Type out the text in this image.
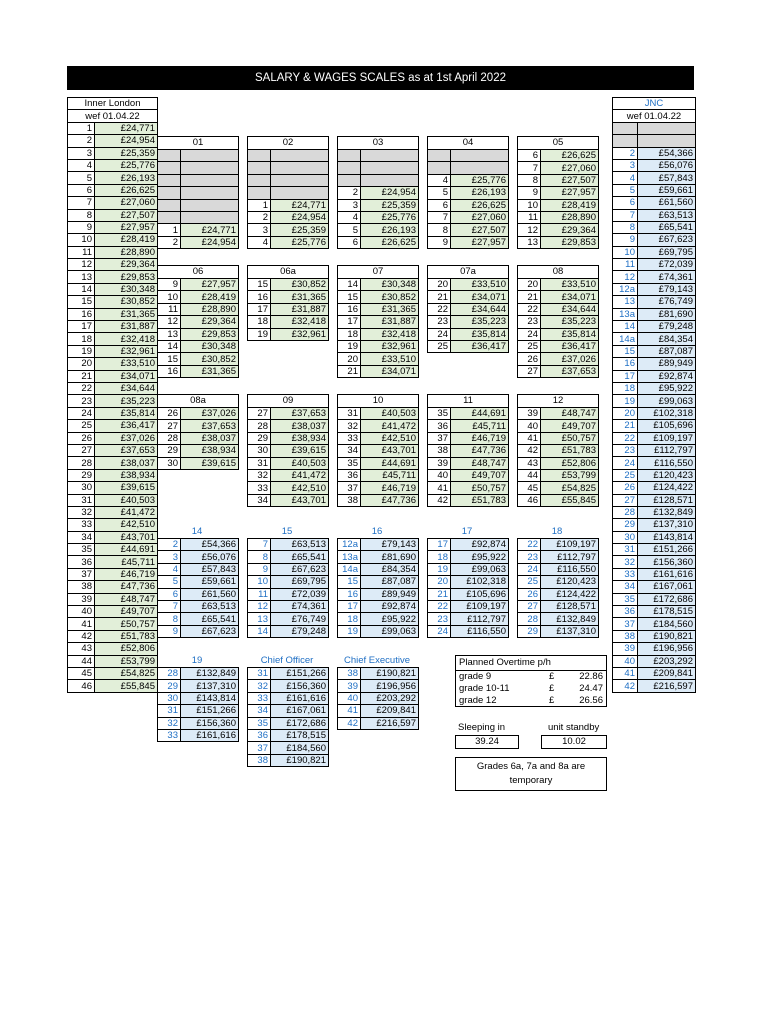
SALARY & WAGES SCALES as at 1st April 2022
Inner London	
wef 01.04.22	
1	£24,771
2	£24,954
3	£25,359
4	£25,776
5	£26,193
6	£26,625
7	£27,060
8	£27,507
9	£27,957
10	£28,419
11	£28,890
12	£29,364
13	£29,853
14	£30,348
15	£30,852
16	£31,365
17	£31,887
18	£32,418
19	£32,961
20	£33,510
21	£34,071
22	£34,644
23	£35,223
24	£35,814
25	£36,417
26	£37,026
27	£37,653
28	£38,037
29	£38,934
30	£39,615
31	£40,503
32	£41,472
33	£42,510
34	£43,701
35	£44,691
36	£45,711
37	£46,719
38	£47,736
39	£48,747
40	£49,707
41	£50,757
42	£51,783
43	£52,806
44	£53,799
45	£54,825
46	£55,845
JNC	
wef 01.04.22	

2	£54,366
3	£56,076
4	£57,843
5	£59,661
6	£61,560
7	£63,513
8	£65,541
9	£67,623
10	£69,795
11	£72,039
12	£74,361
12a	£79,143
13	£76,749
13a	£81,690
14	£79,248
14a	£84,354
15	£87,087
16	£89,949
17	£92,874
18	£95,922
19	£99,063
20	£102,318
21	£105,696
22	£109,197
23	£112,797
24	£116,550
25	£120,423
26	£124,422
27	£128,571
28	£132,849
29	£137,310
30	£143,814
31	£151,266
32	£156,360
33	£161,616
34	£167,061
35	£172,686
36	£178,515
37	£184,560
38	£190,821
39	£196,956
40	£203,292
41	£209,841
42	£216,597
01

1	£24,771
2	£24,954
02

1	£24,771
2	£24,954
3	£25,359
4	£25,776
03

2	£24,954
3	£25,359
4	£25,776
5	£26,193
6	£26,625
04

4	£25,776
5	£26,193
6	£26,625
7	£27,060
8	£27,507
9	£27,957
05
6	£26,625
7	£27,060
8	£27,507
9	£27,957
10	£28,419
11	£28,890
12	£29,364
13	£29,853
06
9	£27,957
10	£28,419
11	£28,890
12	£29,364
13	£29,853
14	£30,348
15	£30,852
16	£31,365
06a
15	£30,852
16	£31,365
17	£31,887
18	£32,418
19	£32,961
07
14	£30,348
15	£30,852
16	£31,365
17	£31,887
18	£32,418
19	£32,961
20	£33,510
21	£34,071
07a
20	£33,510
21	£34,071
22	£34,644
23	£35,223
24	£35,814
25	£36,417
08
20	£33,510
21	£34,071
22	£34,644
23	£35,223
24	£35,814
25	£36,417
26	£37,026
27	£37,653
08a
26	£37,026
27	£37,653
28	£38,037
29	£38,934
30	£39,615
09
27	£37,653
28	£38,037
29	£38,934
30	£39,615
31	£40,503
32	£41,472
33	£42,510
34	£43,701
10
31	£40,503
32	£41,472
33	£42,510
34	£43,701
35	£44,691
36	£45,711
37	£46,719
38	£47,736
11
35	£44,691
36	£45,711
37	£46,719
38	£47,736
39	£48,747
40	£49,707
41	£50,757
42	£51,783
12
39	£48,747
40	£49,707
41	£50,757
42	£51,783
43	£52,806
44	£53,799
45	£54,825
46	£55,845
14
2	£54,366
3	£56,076
4	£57,843
5	£59,661
6	£61,560
7	£63,513
8	£65,541
9	£67,623
15
7	£63,513
8	£65,541
9	£67,623
10	£69,795
11	£72,039
12	£74,361
13	£76,749
14	£79,248
16
12a	£79,143
13a	£81,690
14a	£84,354
15	£87,087
16	£89,949
17	£92,874
18	£95,922
19	£99,063
17
17	£92,874
18	£95,922
19	£99,063
20	£102,318
21	£105,696
22	£109,197
23	£112,797
24	£116,550
18
22	£109,197
23	£112,797
24	£116,550
25	£120,423
26	£124,422
27	£128,571
28	£132,849
29	£137,310
19
28	£132,849
29	£137,310
30	£143,814
31	£151,266
32	£156,360
33	£161,616
Chief Officer
31	£151,266
32	£156,360
33	£161,616
34	£167,061
35	£172,686
36	£178,515
37	£184,560
38	£190,821
Chief Executive
38	£190,821
39	£196,956
40	£203,292
41	£209,841
42	£216,597
Planned Overtime p/h
grade 9	£	22.86
grade 10-11	£	24.47
grade 12	£	26.56
Sleeping in
39.24
unit standby
10.02
Grades 6a, 7a and 8a are temporary
